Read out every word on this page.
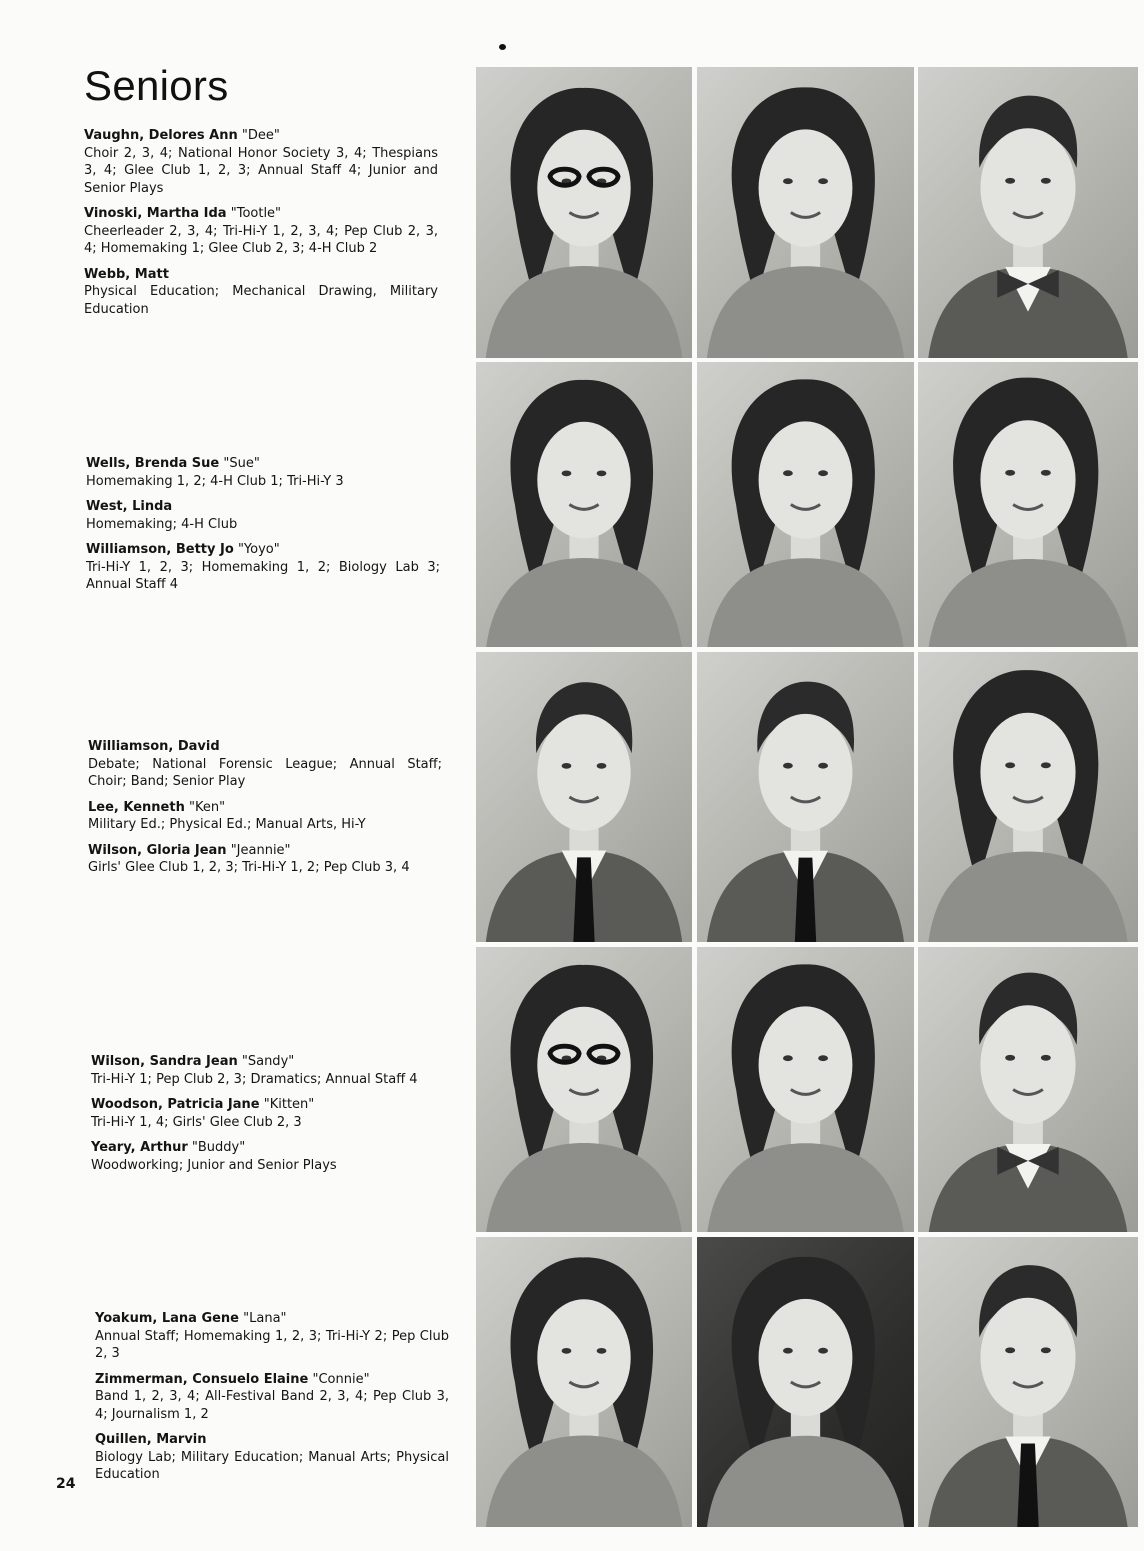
Seniors
Vaughn, Delores Ann "Dee"
Choir 2, 3, 4; National Honor Society 3, 4; Thespians 3, 4; Glee Club 1, 2, 3; Annual Staff 4; Junior and Senior Plays
Vinoski, Martha Ida "Tootle"
Cheerleader 2, 3, 4; Tri-Hi-Y 1, 2, 3, 4; Pep Club 2, 3, 4; Homemaking 1; Glee Club 2, 3; 4-H Club 2
Webb, Matt
Physical Education; Mechanical Drawing, Military Education
Wells, Brenda Sue "Sue"
Homemaking 1, 2; 4-H Club 1; Tri-Hi-Y 3
West, Linda
Homemaking; 4-H Club
Williamson, Betty Jo "Yoyo"
Tri-Hi-Y 1, 2, 3; Homemaking 1, 2; Biology Lab 3; Annual Staff 4
Williamson, David
Debate; National Forensic League; Annual Staff; Choir; Band; Senior Play
Lee, Kenneth "Ken"
Military Ed.; Physical Ed.; Manual Arts, Hi-Y
Wilson, Gloria Jean "Jeannie"
Girls' Glee Club 1, 2, 3; Tri-Hi-Y 1, 2; Pep Club 3, 4
Wilson, Sandra Jean "Sandy"
Tri-Hi-Y 1; Pep Club 2, 3; Dramatics; Annual Staff 4
Woodson, Patricia Jane "Kitten"
Tri-Hi-Y 1, 4; Girls' Glee Club 2, 3
Yeary, Arthur "Buddy"
Woodworking; Junior and Senior Plays
Yoakum, Lana Gene "Lana"
Annual Staff; Homemaking 1, 2, 3; Tri-Hi-Y 2; Pep Club 2, 3
Zimmerman, Consuelo Elaine "Connie"
Band 1, 2, 3, 4; All-Festival Band 2, 3, 4; Pep Club 3, 4; Journalism 1, 2
Quillen, Marvin
Biology Lab; Military Education; Manual Arts; Physical Education
24
